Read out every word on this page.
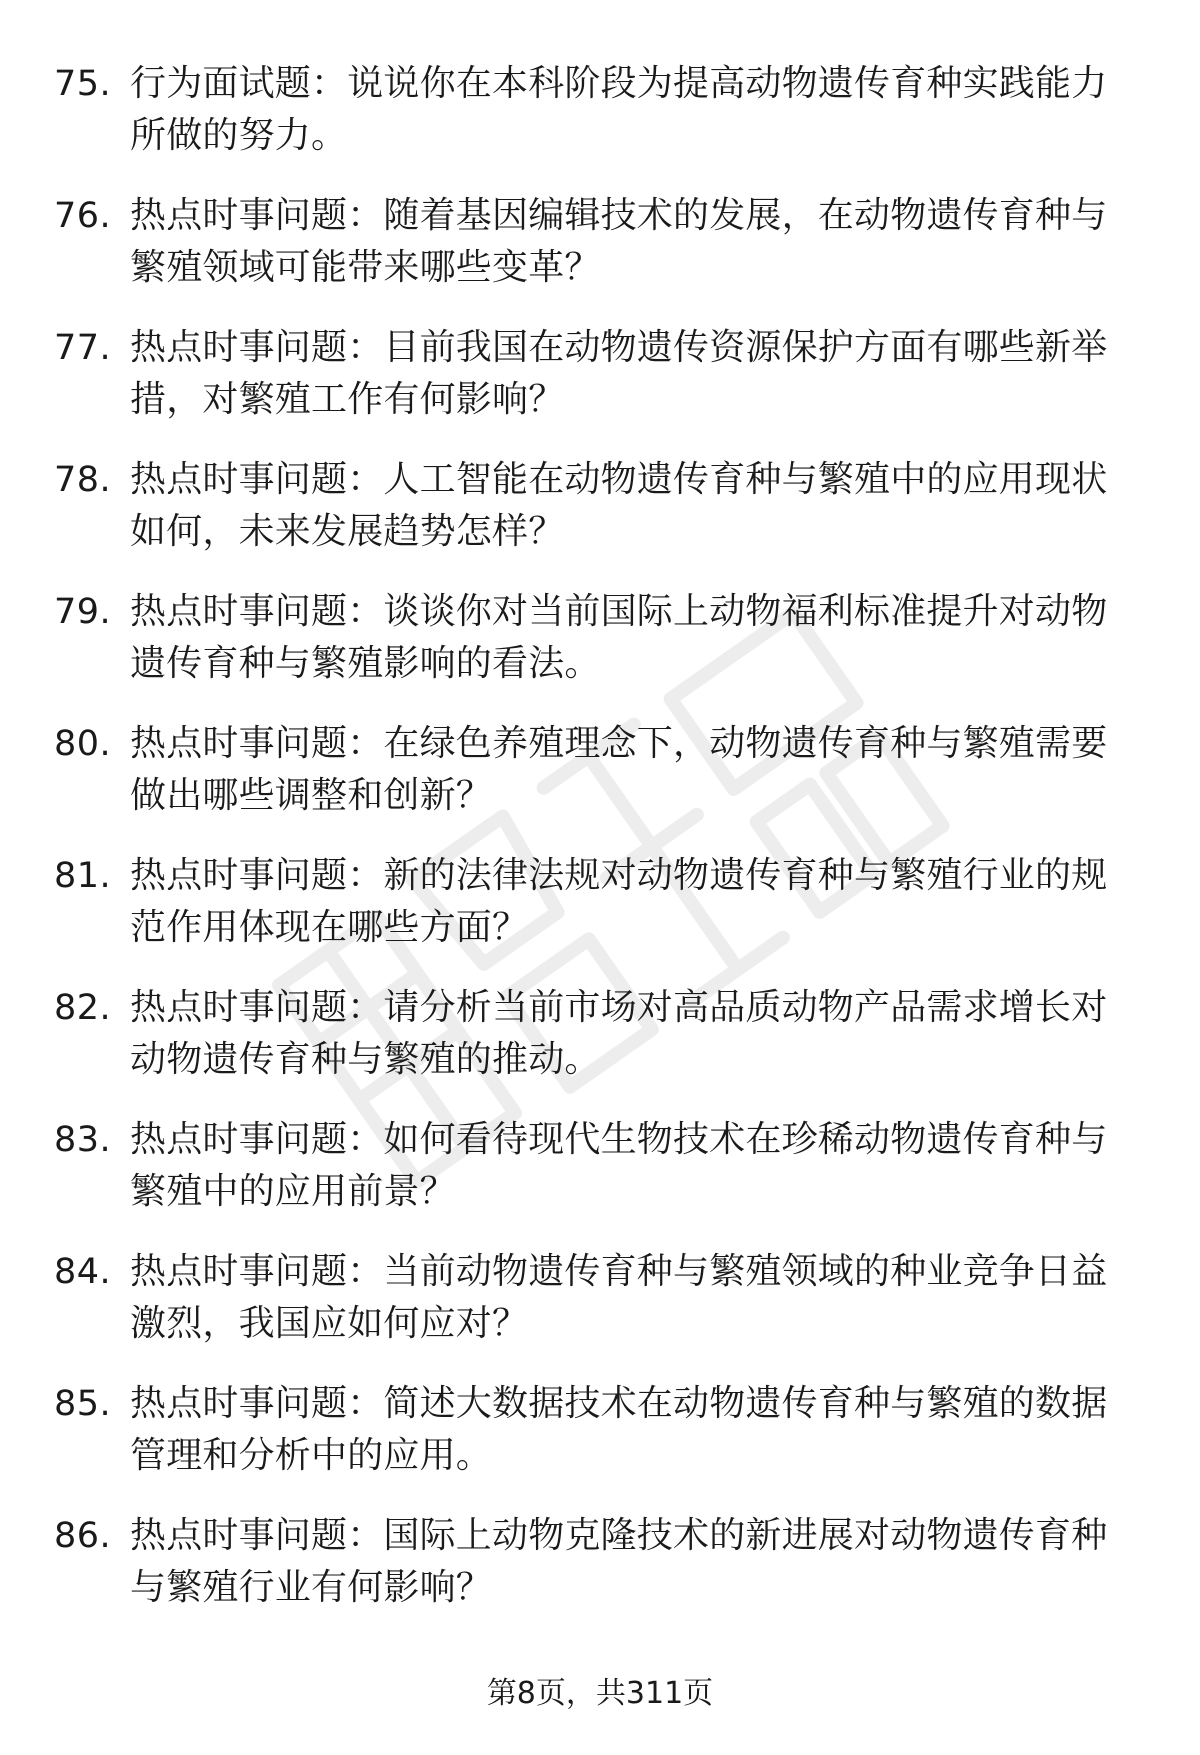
75. 行为面试题：说说你在本科阶段为提高动物遗传育种实践能力所做的努力。
76. 热点时事问题：随着基因编辑技术的发展，在动物遗传育种与繁殖领域可能带来哪些变革？
77. 热点时事问题：目前我国在动物遗传资源保护方面有哪些新举措，对繁殖工作有何影响？
78. 热点时事问题：人工智能在动物遗传育种与繁殖中的应用现状如何，未来发展趋势怎样？
79. 热点时事问题：谈谈你对当前国际上动物福利标准提升对动物遗传育种与繁殖影响的看法。
80. 热点时事问题：在绿色养殖理念下，动物遗传育种与繁殖需要做出哪些调整和创新？
81. 热点时事问题：新的法律法规对动物遗传育种与繁殖行业的规范作用体现在哪些方面？
82. 热点时事问题：请分析当前市场对高品质动物产品需求增长对动物遗传育种与繁殖的推动。
83. 热点时事问题：如何看待现代生物技术在珍稀动物遗传育种与繁殖中的应用前景？
84. 热点时事问题：当前动物遗传育种与繁殖领域的种业竞争日益激烈，我国应如何应对？
85. 热点时事问题：简述大数据技术在动物遗传育种与繁殖的数据管理和分析中的应用。
86. 热点时事问题：国际上动物克隆技术的新进展对动物遗传育种与繁殖行业有何影响？
第8页，共311页
